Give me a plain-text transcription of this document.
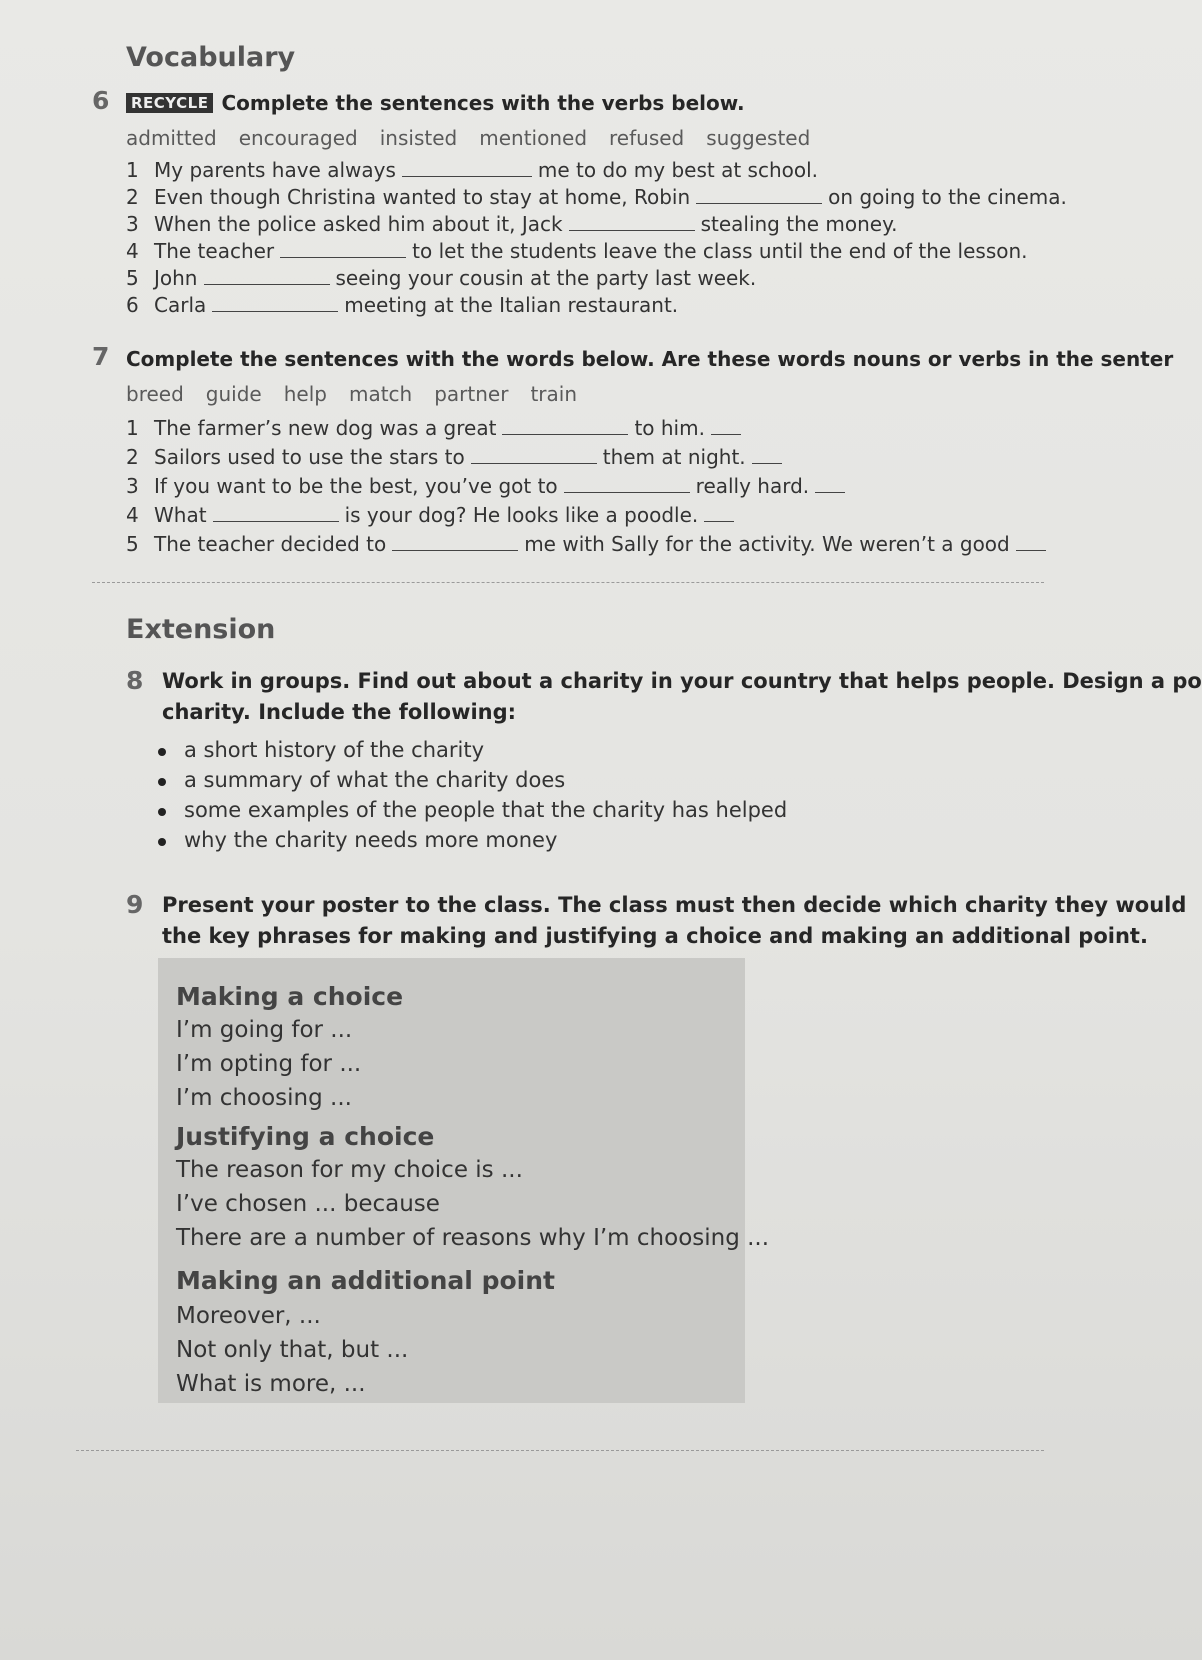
Vocabulary
6	RECYCLE Complete the sentences with the verbs below.
admitted encouraged insisted mentioned refused suggested
1 My parents have always	me to do my best at school.
2 Even though Christina wanted to stay at home, Robin	on going to the cinema.
3 When the police asked him about it, Jack	stealing the money.
4 The teacher	to let the students leave the class until the end of the lesson.
5 John	seeing your cousin at the party last week.
6 Carla	meeting at the Italian restaurant.
7 Complete the sentences with the words below. Are these words nouns or verbs in the senter
breed guide help match partner train
1 The farmer’s new dog was a great	to him.
2 Sailors used to use the stars to	them at night.
3 If you want to be the best, you’ve got to	really hard.
4 What	is your dog? He looks like a poodle.
5 The teacher decided to	me with Sally for the activity. We weren’t a good
Extension
8 Work in groups. Find out about a charity in your country that helps people. Design a po
charity. Include the following:
a short history of the charity
a summary of what the charity does
some examples of the people that the charity has helped
why the charity needs more money
9 Present your poster to the class. The class must then decide which charity they would
the key phrases for making and justifying a choice and making an additional point.
Making a choice
I’m going for ...
I’m opting for ...
I’m choosing ...
Justifying a choice
The reason for my choice is ...
I’ve chosen ... because
There are a number of reasons why I’m choosing ...
Making an additional point
Moreover, ...
Not only that, but ...
What is more, ...
